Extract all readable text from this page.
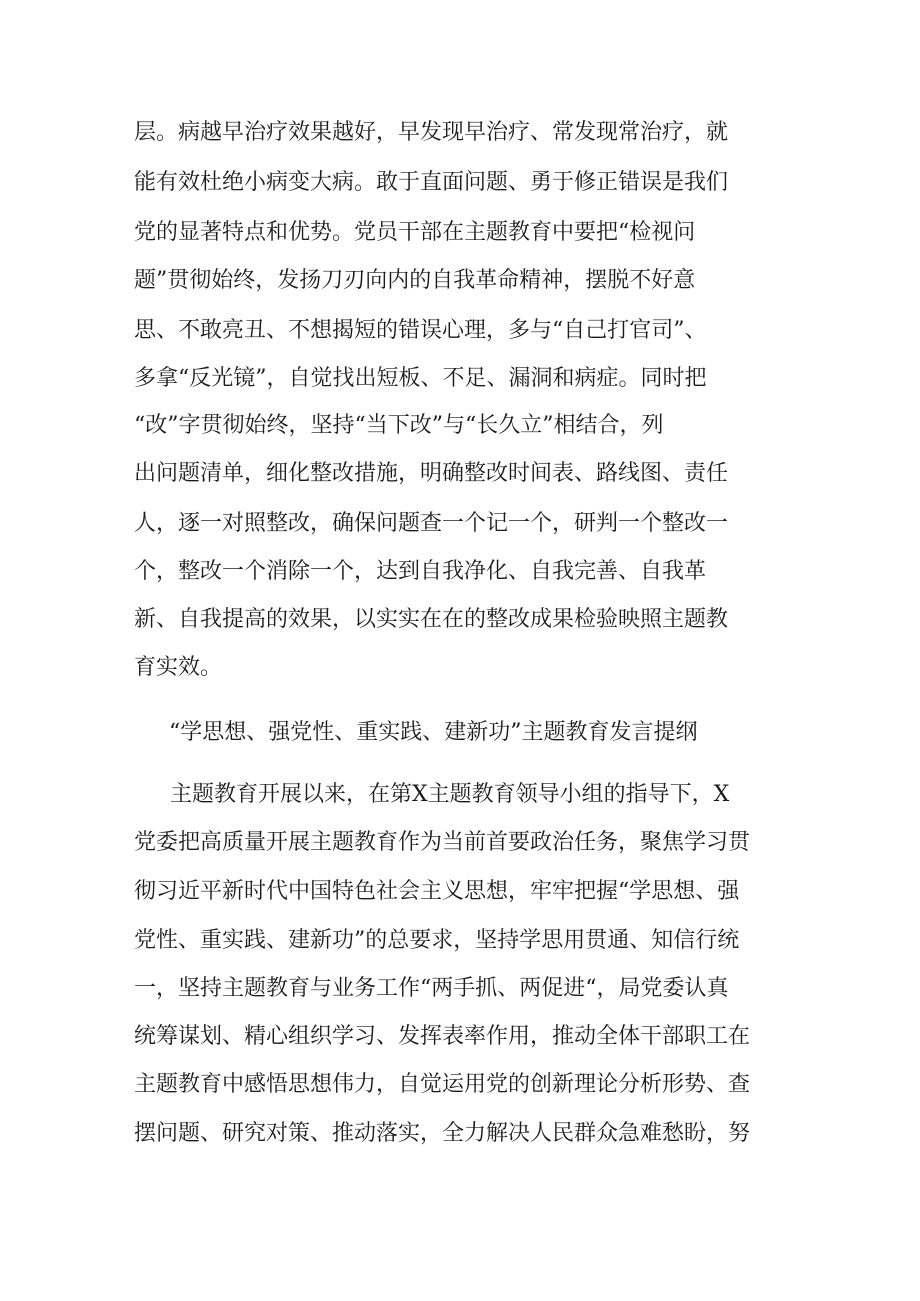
层。病越早治疗效果越好，早发现早治疗、常发现常治疗，就
能有效杜绝小病变大病。敢于直面问题、勇于修正错误是我们
党的显著特点和优势。党员干部在主题教育中要把“检视问
题”贯彻始终，发扬刀刃向内的自我革命精神，摆脱不好意
思、不敢亮丑、不想揭短的错误心理，多与“自己打官司”、
多拿“反光镜”，自觉找出短板、不足、漏洞和病症。同时把
“改”字贯彻始终，坚持“当下改”与“长久立”相结合，列
出问题清单，细化整改措施，明确整改时间表、路线图、责任
人，逐一对照整改，确保问题查一个记一个，研判一个整改一
个，整改一个消除一个，达到自我净化、自我完善、自我革
新、自我提高的效果，以实实在在的整改成果检验映照主题教
育实效。
“学思想、强党性、重实践、建新功”主题教育发言提纲
主题教育开展以来，在第X主题教育领导小组的指导下，X
党委把高质量开展主题教育作为当前首要政治任务，聚焦学习贯
彻习近平新时代中国特色社会主义思想，牢牢把握“学思想、强
党性、重实践、建新功”的总要求，坚持学思用贯通、知信行统
一，坚持主题教育与业务工作“两手抓、两促进“，局党委认真
统筹谋划、精心组织学习、发挥表率作用，推动全体干部职工在
主题教育中感悟思想伟力，自觉运用党的创新理论分析形势、查
摆问题、研究对策、推动落实，全力解决人民群众急难愁盼，努
